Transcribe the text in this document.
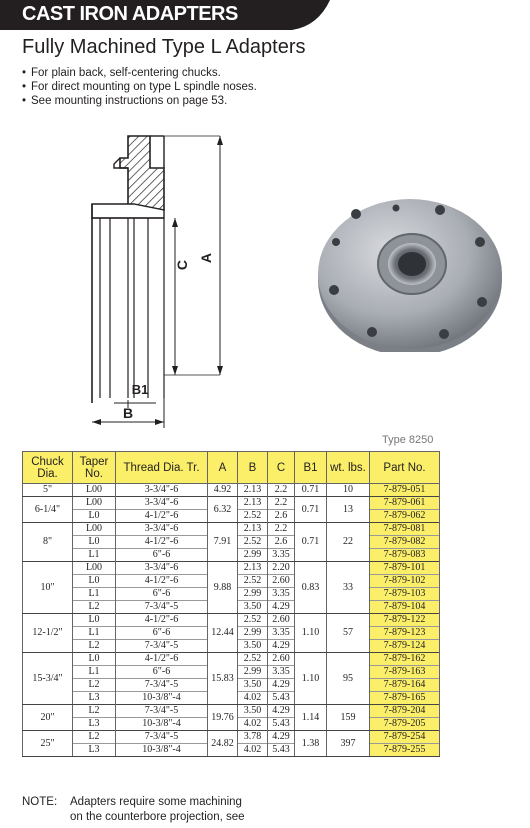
CAST IRON ADAPTERS
Fully Machined Type L Adapters
• For plain back, self-centering chucks.
• For direct mounting on type L spindle noses.
• See mounting instructions on page 53.
C
A
B1
B
Type 8250
Chuck Dia.	Taper No.	Thread Dia. Tr.	A	B	C	B1	wt. lbs.	Part No.
5"	L00	3-3/4"-6	4.92	2.13	2.2	0.71	10	7-879-051
6-1/4"	L00	3-3/4"-6	6.32	2.13	2.2	0.71	13	7-879-061
	L0	4-1/2"-6		2.52	2.6			7-879-062
8"	L00	3-3/4"-6	7.91	2.13	2.2	0.71	22	7-879-081
	L0	4-1/2"-6		2.52	2.6			7-879-082
	L1	6"-6		2.99	3.35			7-879-083
10"	L00	3-3/4"-6	9.88	2.13	2.20	0.83	33	7-879-101
	L0	4-1/2"-6		2.52	2.60			7-879-102
	L1	6"-6		2.99	3.35			7-879-103
	L2	7-3/4"-5		3.50	4.29			7-879-104
12-1/2"	L0	4-1/2"-6	12.44	2.52	2.60	1.10	57	7-879-122
	L1	6"-6		2.99	3.35			7-879-123
	L2	7-3/4"-5		3.50	4.29			7-879-124
15-3/4"	L0	4-1/2"-6	15.83	2.52	2.60	1.10	95	7-879-162
	L1	6"-6		2.99	3.35			7-879-163
	L2	7-3/4"-5		3.50	4.29			7-879-164
	L3	10-3/8"-4		4.02	5.43			7-879-165
20"	L2	7-3/4"-5	19.76	3.50	4.29	1.14	159	7-879-204
	L3	10-3/8"-4		4.02	5.43			7-879-205
25"	L2	7-3/4"-5	24.82	3.78	4.29	1.38	397	7-879-254
	L3	10-3/8"-4		4.02	5.43			7-879-255
NOTE: Adapters require some machining
on the counterbore projection, see
